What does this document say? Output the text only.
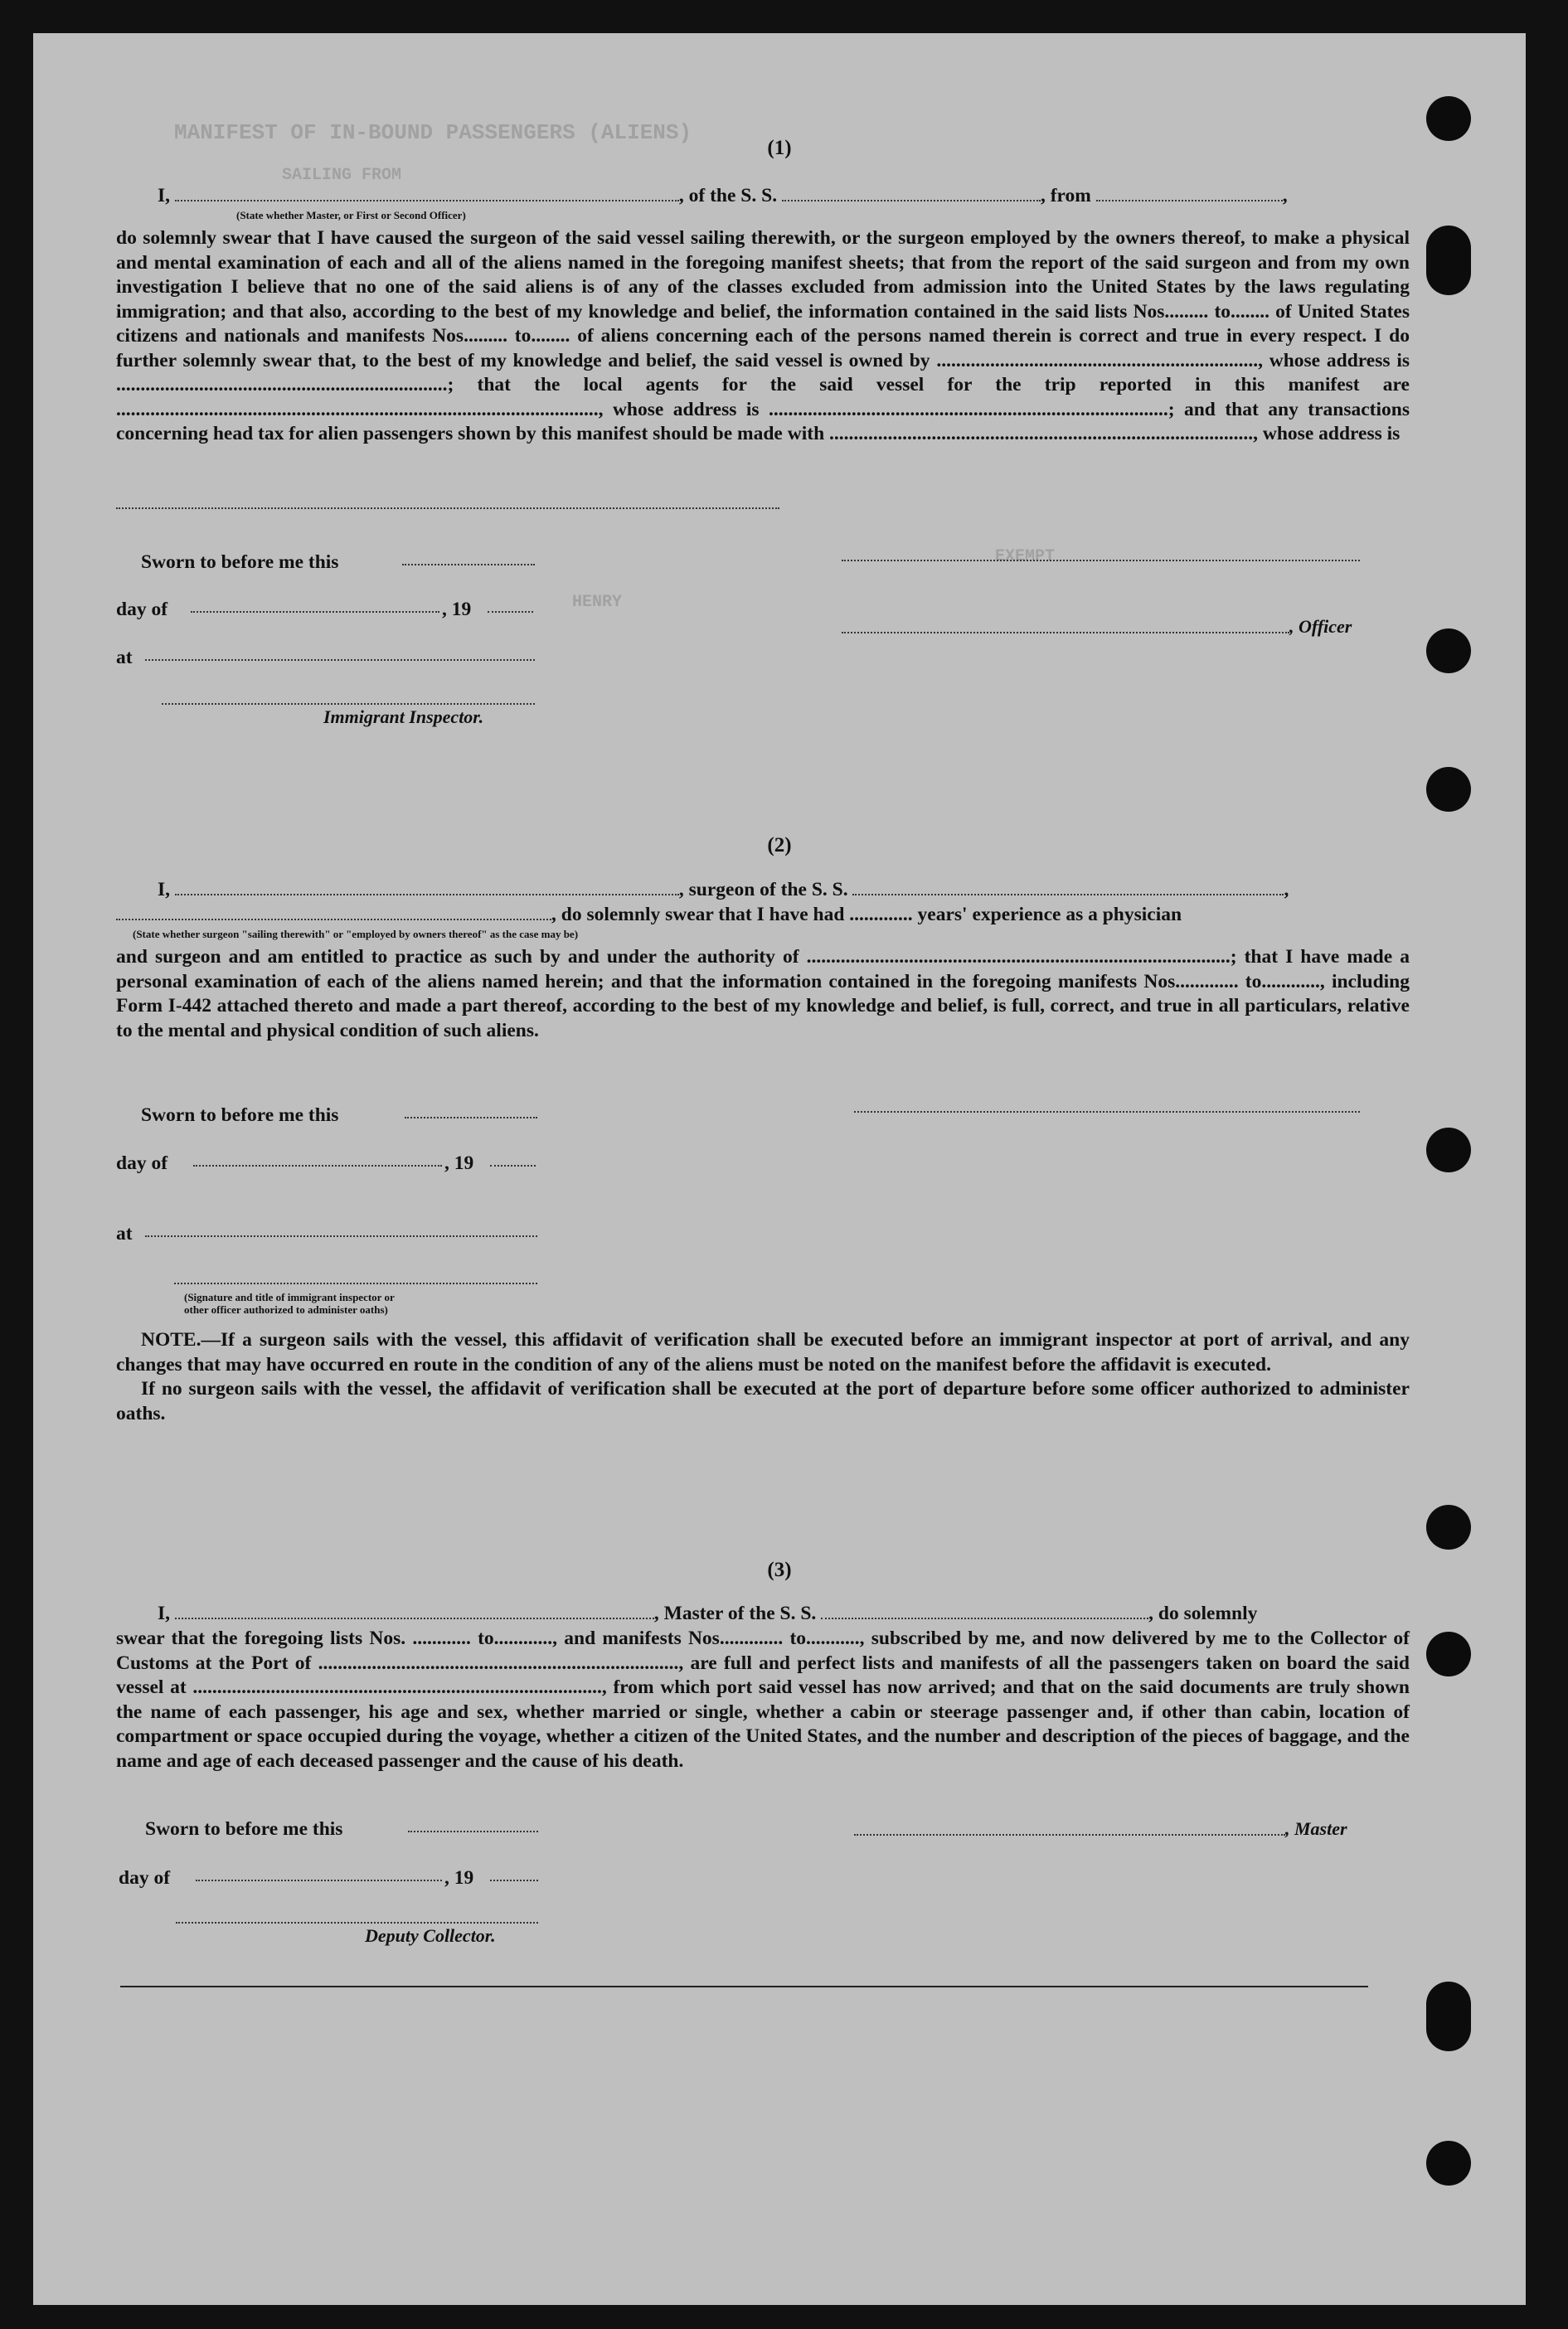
MANIFEST OF IN-BOUND PASSENGERS (ALIENS)
SAILING FROM
HENRY
EXEMPT
(1)
I,	, of the S. S.	, from	,
(State whether Master, or First or Second Officer)

do solemnly swear that I have caused the surgeon of the said vessel sailing therewith, or the surgeon employed by the owners thereof, to make a physical and mental examination of each and all of the aliens named in the foregoing manifest sheets; that from the report of the said surgeon and from my own investigation I believe that no one of the said aliens is of any of the classes excluded from admission into the United States by the laws regulating immigration; and that also, according to the best of my knowledge and belief, the information contained in the said lists Nos......... to........ of United States citizens and nationals and manifests Nos......... to........ of aliens concerning each of the persons named therein is correct and true in every respect. I do further solemnly swear that, to the best of my knowledge and belief, the said vessel is owned by .................................................................., whose address is ....................................................................; that the local agents for the said vessel for the trip reported in this manifest are ..................................................................................................., whose address is ..................................................................................; and that any transactions concerning head tax for alien passengers shown by this manifest should be made with ......................................................................................., whose address is

Sworn to before me this
day of	, 19
at
Immigrant Inspector.
, Officer
(2)
I,	, surgeon of the S. S.	,
, do solemnly swear that I have had ............. years' experience as a physician
(State whether surgeon "sailing therewith" or "employed by owners thereof" as the case may be)

and surgeon and am entitled to practice as such by and under the authority of .......................................................................................; that I have made a personal examination of each of the aliens named herein; and that the information contained in the foregoing manifests Nos............. to............, including Form I-442 attached thereto and made a part thereof, according to the best of my knowledge and belief, is full, correct, and true in all particulars, relative to the mental and physical condition of such aliens.

Sworn to before me this
day of	, 19
at
(Signature and title of immigrant inspector or
other officer authorized to administer oaths)

NOTE.—If a surgeon sails with the vessel, this affidavit of verification shall be executed before an immigrant inspector at port of arrival, and any changes that may have occurred en route in the condition of any of the aliens must be noted on the manifest before the affidavit is executed.

If no surgeon sails with the vessel, the affidavit of verification shall be executed at the port of departure before some officer authorized to administer oaths.

(3)
I,	, Master of the S. S.	, do solemnly

swear that the foregoing lists Nos. ............ to............, and manifests Nos............. to..........., subscribed by me, and now delivered by me to the Collector of Customs at the Port of .........................................................................., are full and perfect lists and manifests of all the passengers taken on board the said vessel at ...................................................................................., from which port said vessel has now arrived; and that on the said documents are truly shown the name of each passenger, his age and sex, whether married or single, whether a cabin or steerage passenger and, if other than cabin, location of compartment or space occupied during the voyage, whether a citizen of the United States, and the number and description of the pieces of baggage, and the name and age of each deceased passenger and the cause of his death.

Sworn to before me this
day of	, 19
Deputy Collector.
, Master
